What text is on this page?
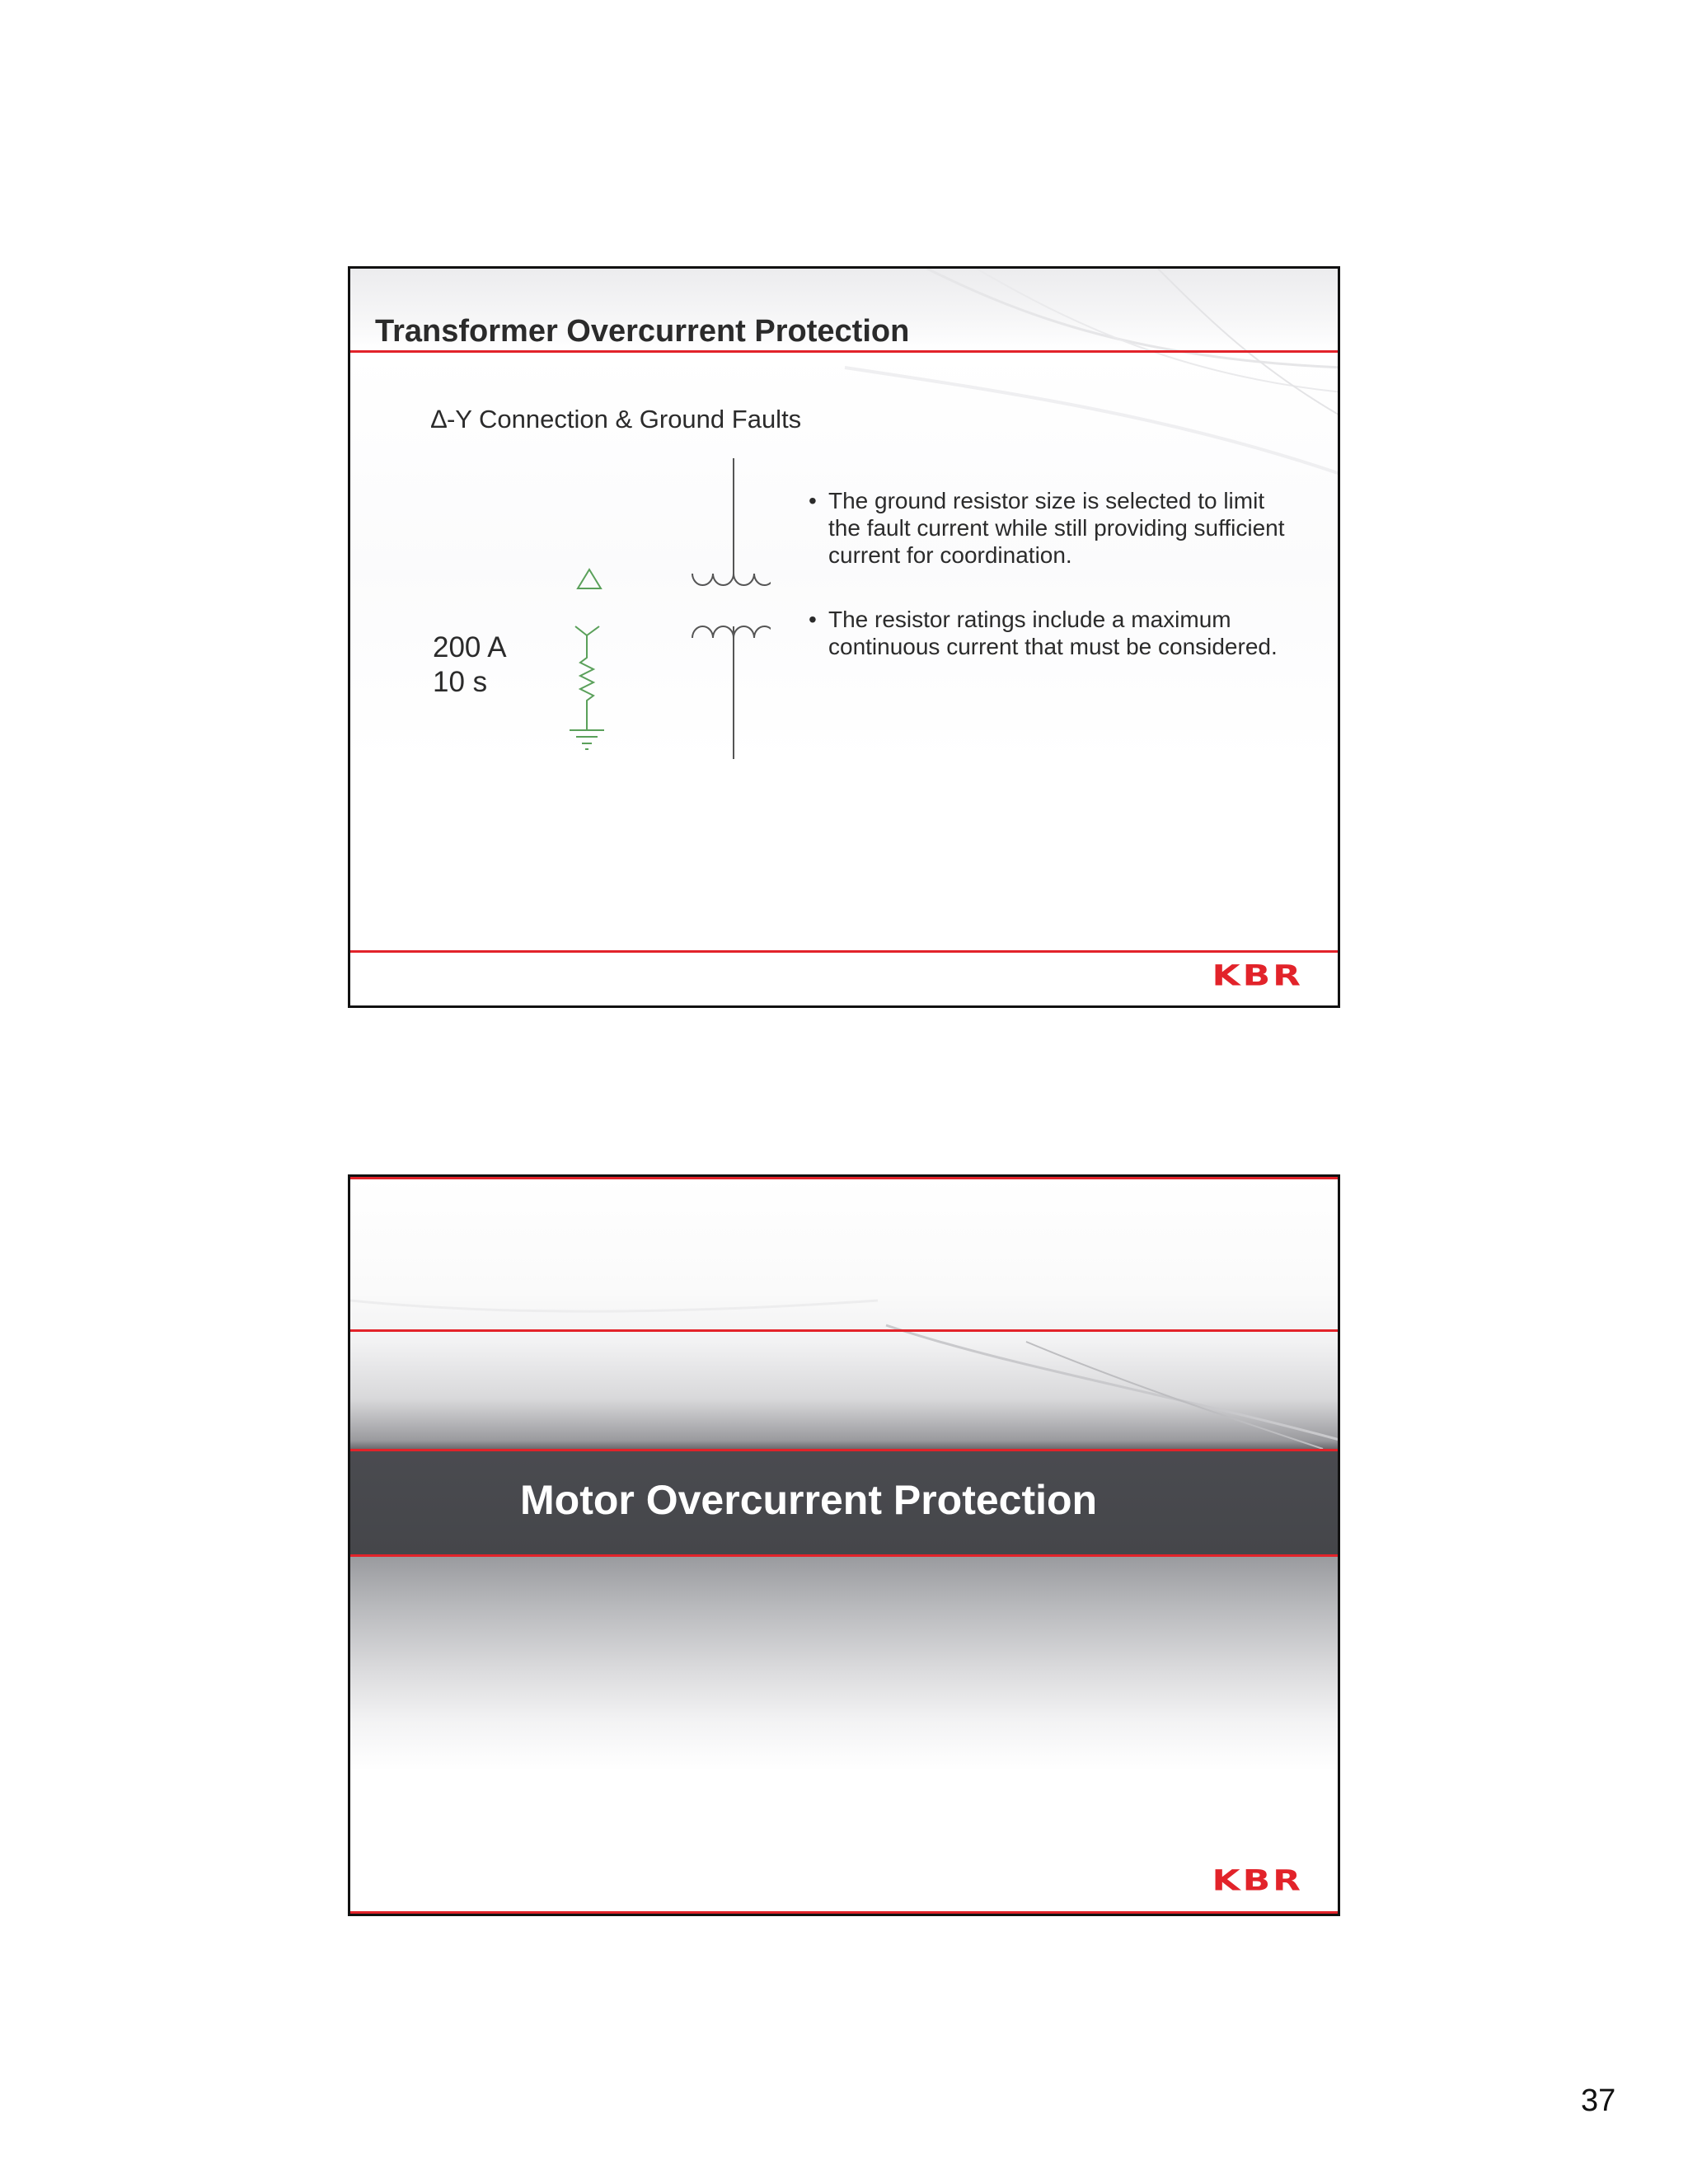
Transformer Overcurrent Protection
∆-Y Connection & Ground Faults
200 A
10 s
• The ground resistor size is selected to limit the fault current while still providing sufficient current for coordination.
• The resistor ratings include a maximum continuous current that must be considered.
KBR
Motor Overcurrent Protection
KBR
37
